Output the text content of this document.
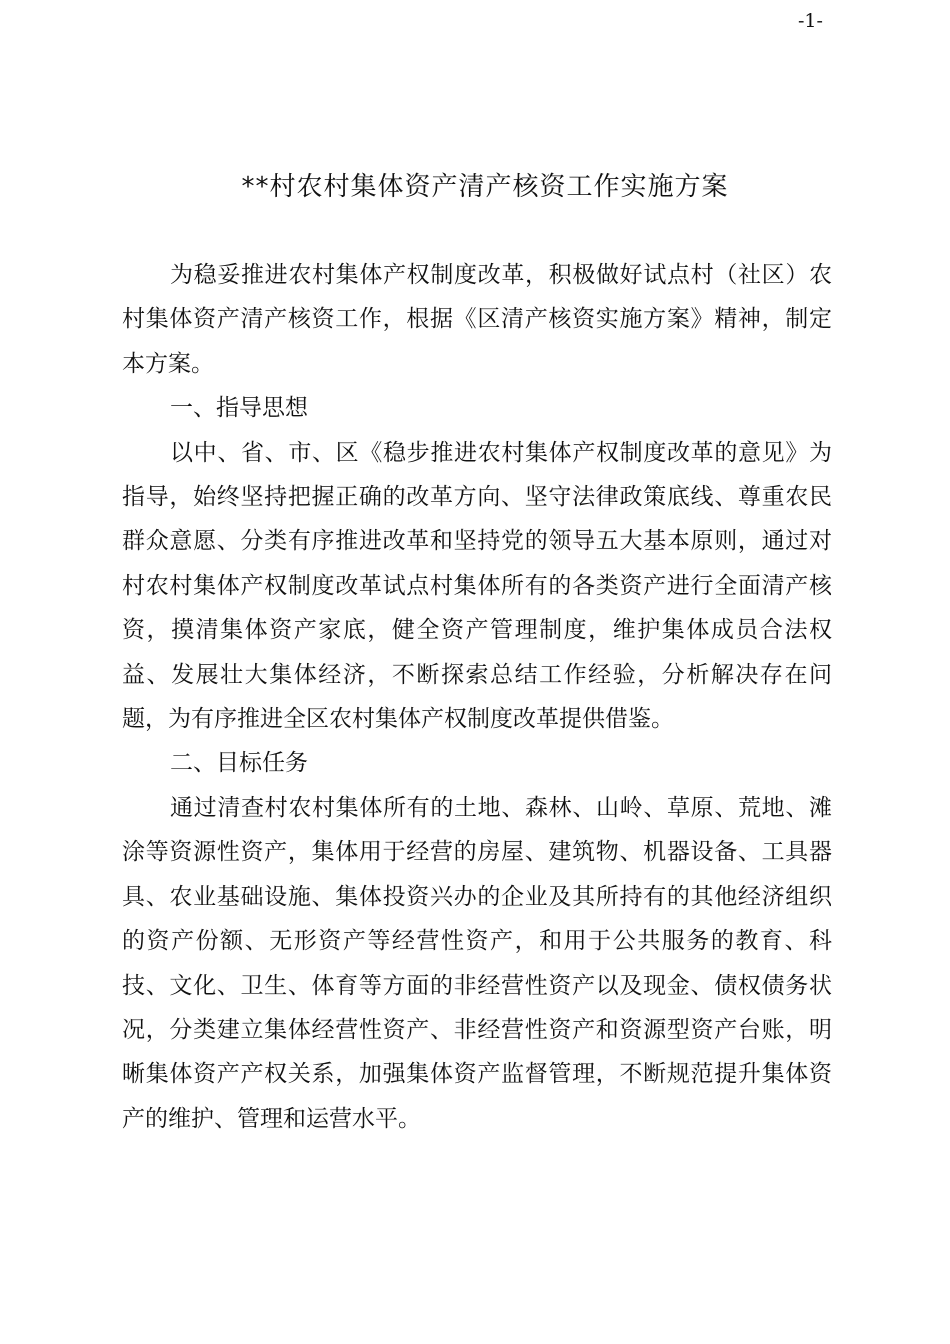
-1-
**村农村集体资产清产核资工作实施方案

为稳妥推进农村集体产权制度改革，积极做好试点村（社区）农村集体资产清产核资工作，根据《区清产核资实施方案》精神，制定本方案。

一、指导思想

以中、省、市、区《稳步推进农村集体产权制度改革的意见》为指导，始终坚持把握正确的改革方向、坚守法律政策底线、尊重农民群众意愿、分类有序推进改革和坚持党的领导五大基本原则，通过对村农村集体产权制度改革试点村集体所有的各类资产进行全面清产核资，摸清集体资产家底，健全资产管理制度，维护集体成员合法权益、发展壮大集体经济，不断探索总结工作经验，分析解决存在问题，为有序推进全区农村集体产权制度改革提供借鉴。

二、目标任务

通过清查村农村集体所有的土地、森林、山岭、草原、荒地、滩涂等资源性资产，集体用于经营的房屋、建筑物、机器设备、工具器具、农业基础设施、集体投资兴办的企业及其所持有的其他经济组织的资产份额、无形资产等经营性资产，和用于公共服务的教育、科技、文化、卫生、体育等方面的非经营性资产以及现金、债权债务状况，分类建立集体经营性资产、非经营性资产和资源型资产台账，明晰集体资产产权关系，加强集体资产监督管理，不断规范提升集体资产的维护、管理和运营水平。
